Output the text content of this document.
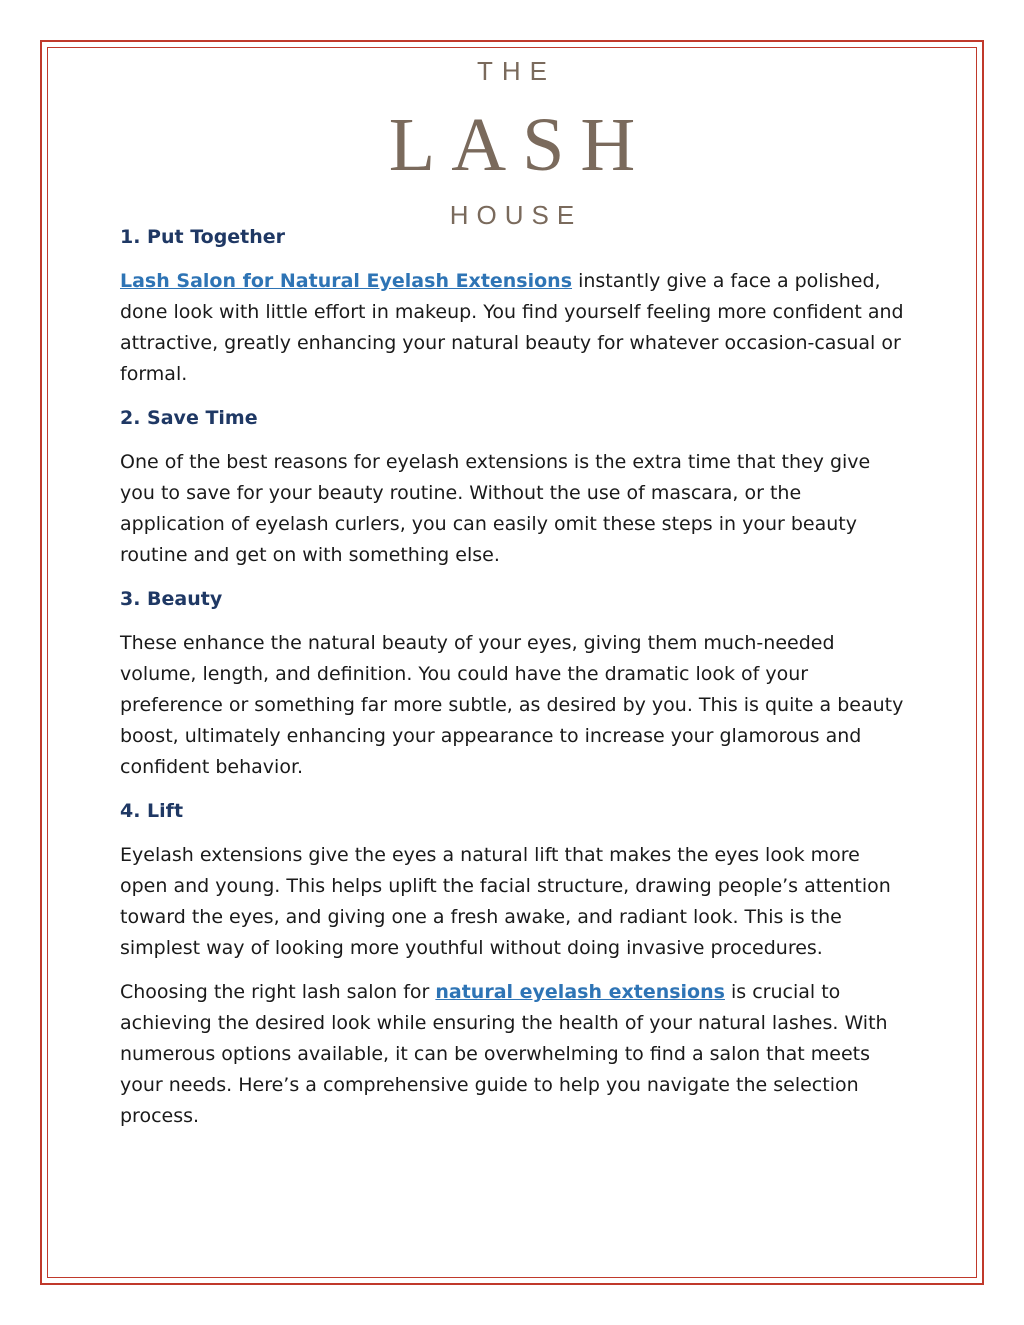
THE
LASH
HOUSE
1. Put Together

Lash Salon for Natural Eyelash Extensions instantly give a face a polished, done look with little effort in makeup. You find yourself feeling more confident and attractive, greatly enhancing your natural beauty for whatever occasion-casual or formal.

2. Save Time

One of the best reasons for eyelash extensions is the extra time that they give you to save for your beauty routine. Without the use of mascara, or the application of eyelash curlers, you can easily omit these steps in your beauty routine and get on with something else.

3. Beauty

These enhance the natural beauty of your eyes, giving them much-needed volume, length, and definition. You could have the dramatic look of your preference or something far more subtle, as desired by you. This is quite a beauty boost, ultimately enhancing your appearance to increase your glamorous and confident behavior.

4. Lift

Eyelash extensions give the eyes a natural lift that makes the eyes look more open and young. This helps uplift the facial structure, drawing people’s attention toward the eyes, and giving one a fresh awake, and radiant look. This is the simplest way of looking more youthful without doing invasive procedures.

Choosing the right lash salon for natural eyelash extensions is crucial to achieving the desired look while ensuring the health of your natural lashes. With numerous options available, it can be overwhelming to find a salon that meets your needs. Here’s a comprehensive guide to help you navigate the selection process.
